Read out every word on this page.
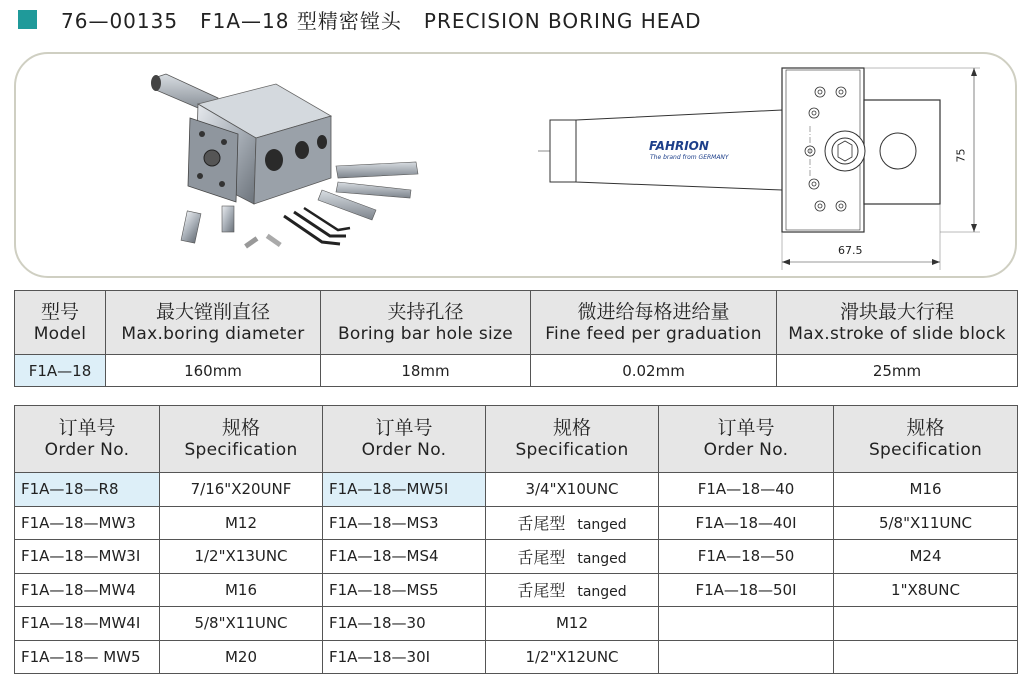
76—00135   F1A—18 型精密镗头   PRECISION BORING HEAD
FAHRION
The brand from GERMANY	75
67.5
型号
Model	最大镗削直径
Max.boring diameter	夹持孔径
Boring bar hole size	微进给每格进给量
Fine feed per graduation	滑块最大行程
Max.stroke of slide block

F1A—18	160mm	18mm	0.02mm	25mm
订单号
Order No.	规格
Specification	订单号
Order No.	规格
Specification	订单号
Order No.	规格
Specification

F1A—18—R8	7/16"X20UNF	F1A—18—MW5I	3/4"X10UNC	F1A—18—40	M16
F1A—18—MW3	M12	F1A—18—MS3	舌尾型 tanged	F1A—18—40I	5/8"X11UNC
F1A—18—MW3I	1/2"X13UNC	F1A—18—MS4	舌尾型 tanged	F1A—18—50	M24
F1A—18—MW4	M16	F1A—18—MS5	舌尾型 tanged	F1A—18—50I	1"X8UNC
F1A—18—MW4I	5/8"X11UNC	F1A—18—30	M12		
F1A—18— MW5	M20	F1A—18—30I	1/2"X12UNC		
